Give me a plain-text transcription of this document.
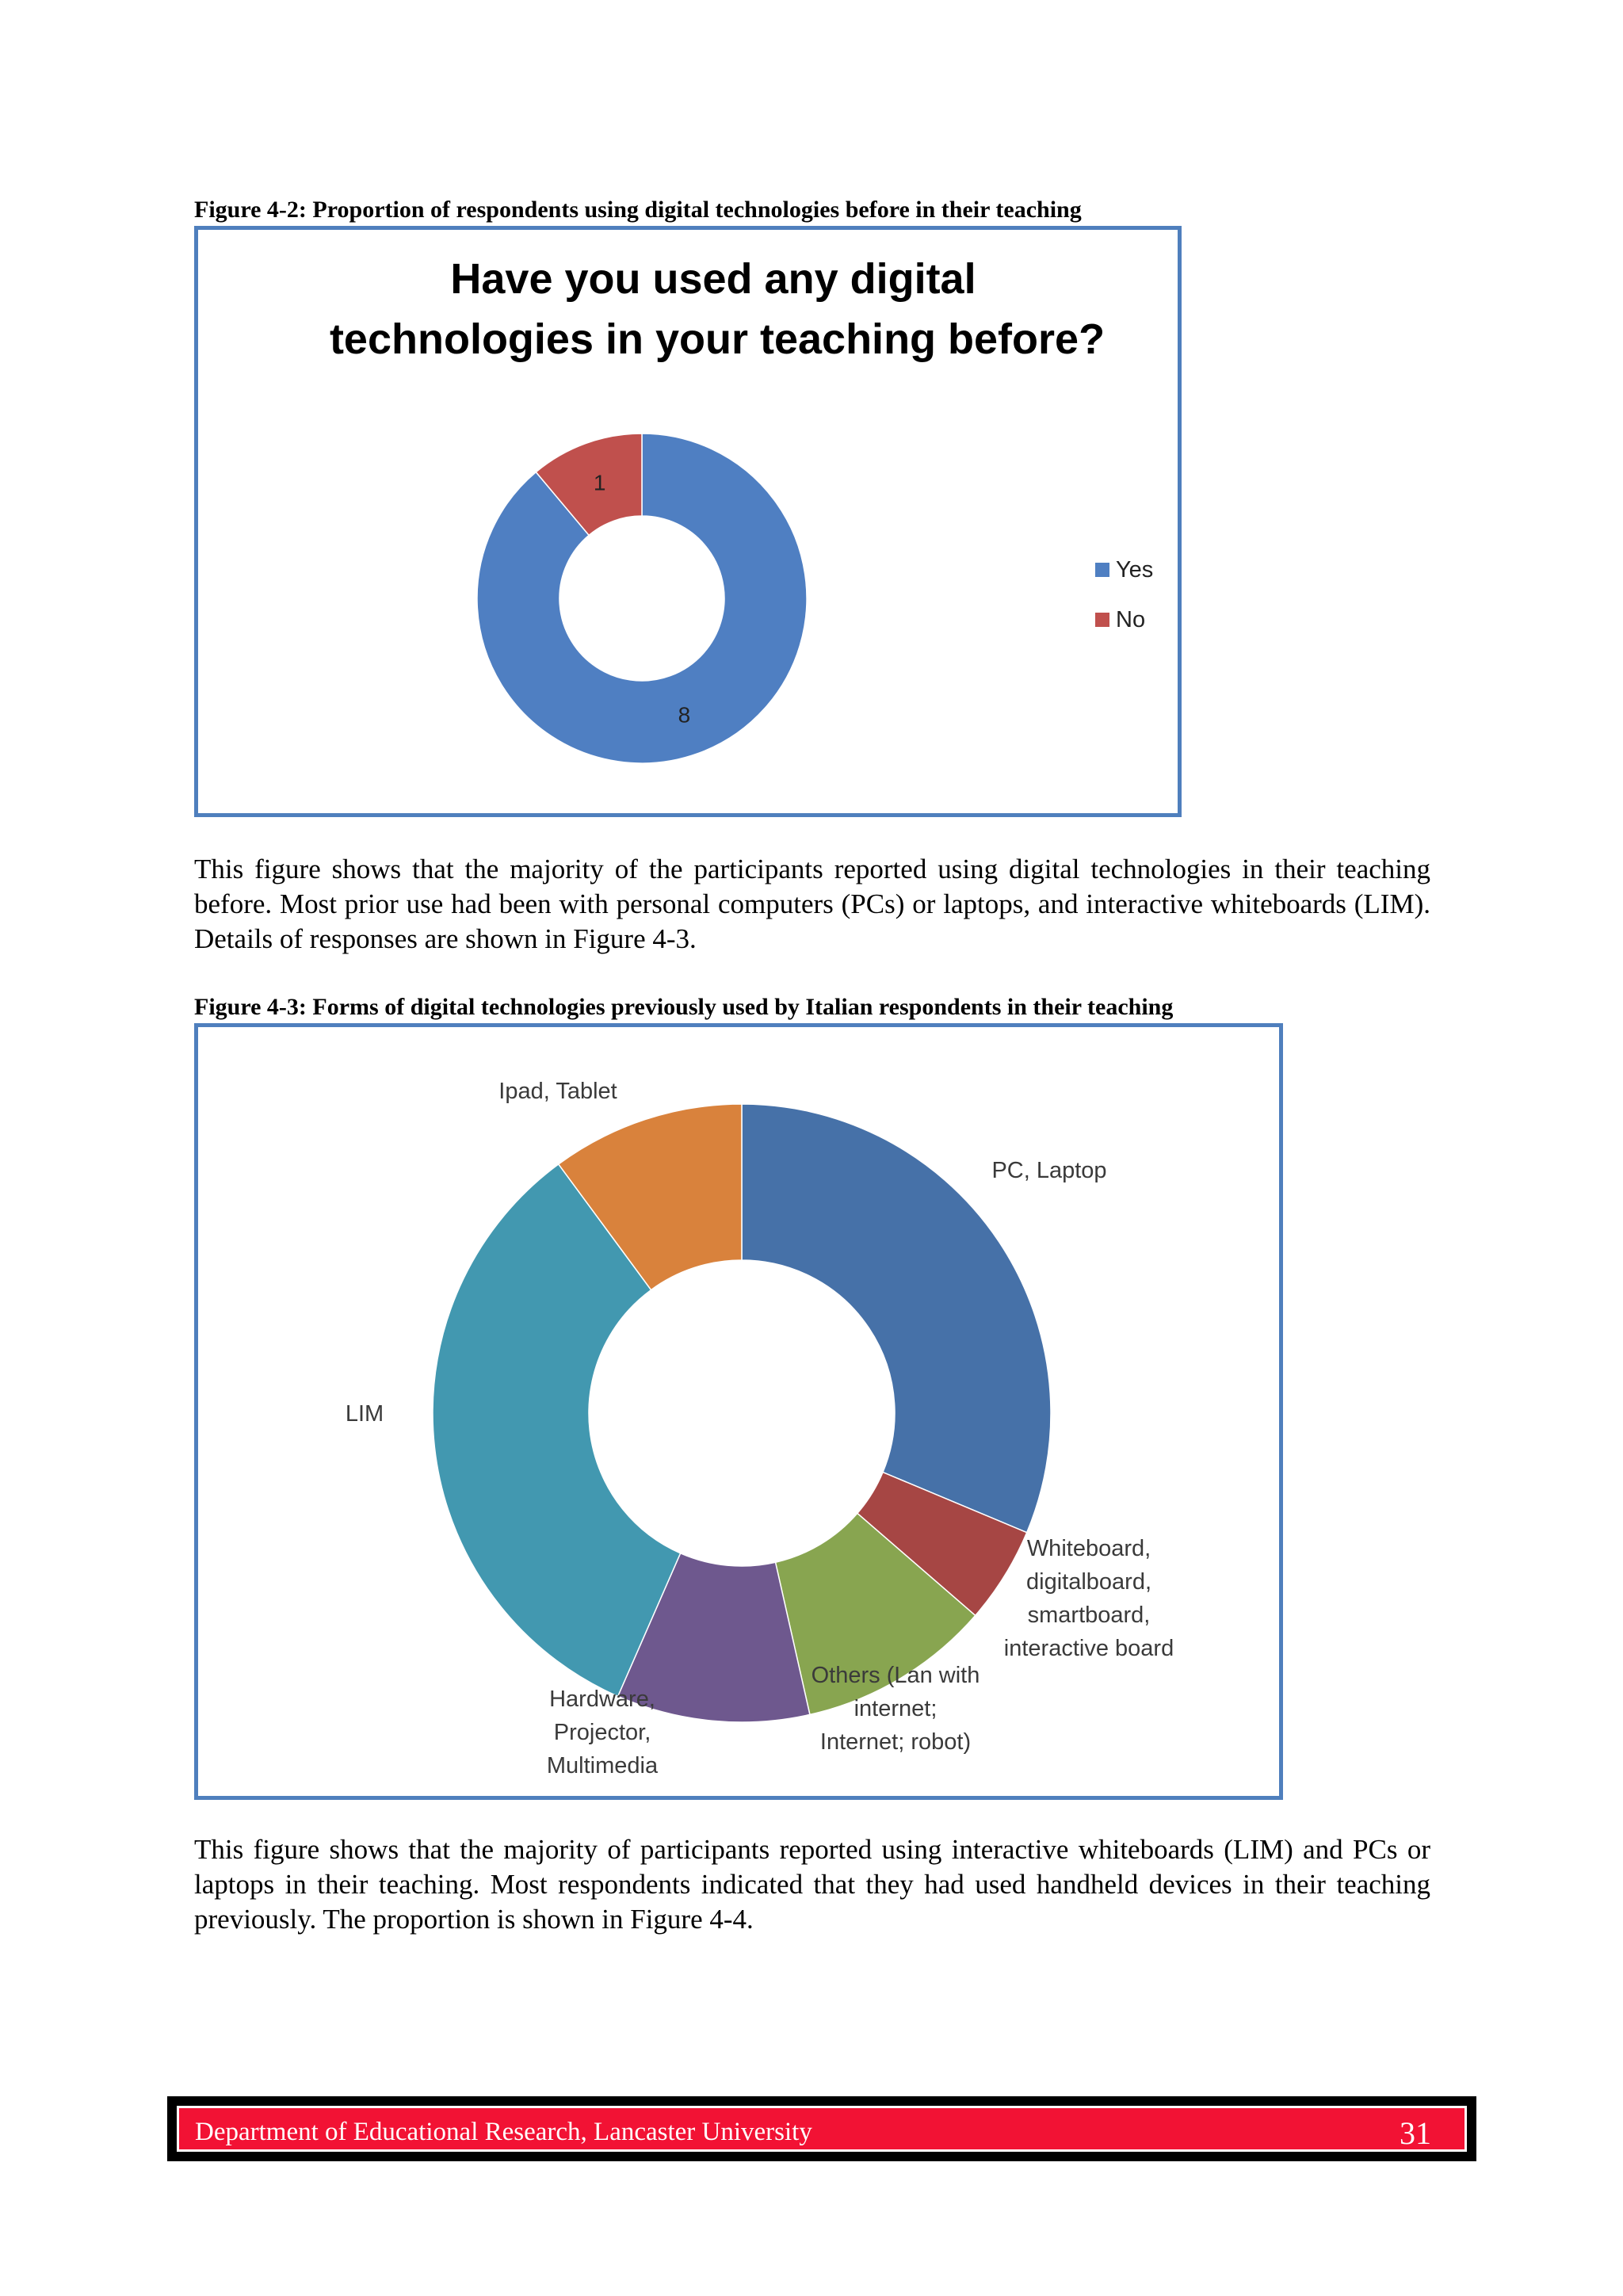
Figure 4-2: Proportion of respondents using digital technologies before in their teaching
Have you used any digital
technologies in your teaching before?
8
1
Yes
No
This figure shows that the majority of the participants reported using digital technologies in their teaching before. Most prior use had been with personal computers (PCs) or laptops, and interactive whiteboards (LIM). Details of responses are shown in Figure 4-3.
Figure 4-3: Forms of digital technologies previously used by Italian respondents in their teaching
PC, Laptop
Whiteboard, digitalboard, smartboard, interactive board
Others (Lan with internet; Internet; robot)
Hardware, Projector, Multimedia
LIM
Ipad, Tablet
This figure shows that the majority of participants reported using interactive whiteboards (LIM) and PCs or laptops in their teaching. Most respondents indicated that they had used handheld devices in their teaching previously. The proportion is shown in Figure 4-4.
Department of Educational Research, Lancaster University	31
